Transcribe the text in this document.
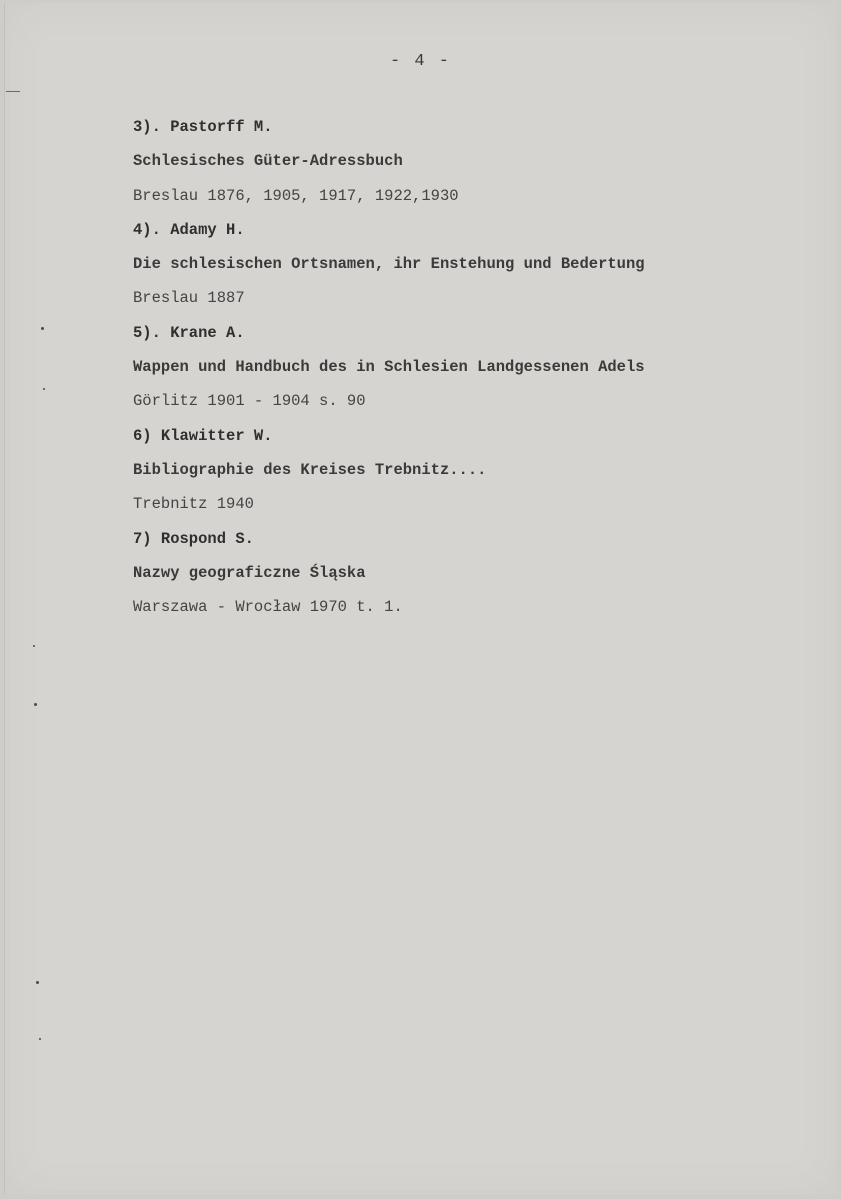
- 4 -
3). Pastorff M.
Schlesisches Güter-Adressbuch
Breslau 1876, 1905, 1917, 1922,1930
4). Adamy H.
Die schlesischen Ortsnamen, ihr Enstehung und Bedertung
Breslau 1887
5). Krane A.
Wappen und Handbuch des in Schlesien Landgessenen Adels
Görlitz 1901 - 1904 s. 90
6) Klawitter W.
Bibliographie des Kreises Trebnitz....
Trebnitz 1940
7) Rospond S.
Nazwy geograficzne Śląska
Warszawa - Wrocław 1970 t. 1.
